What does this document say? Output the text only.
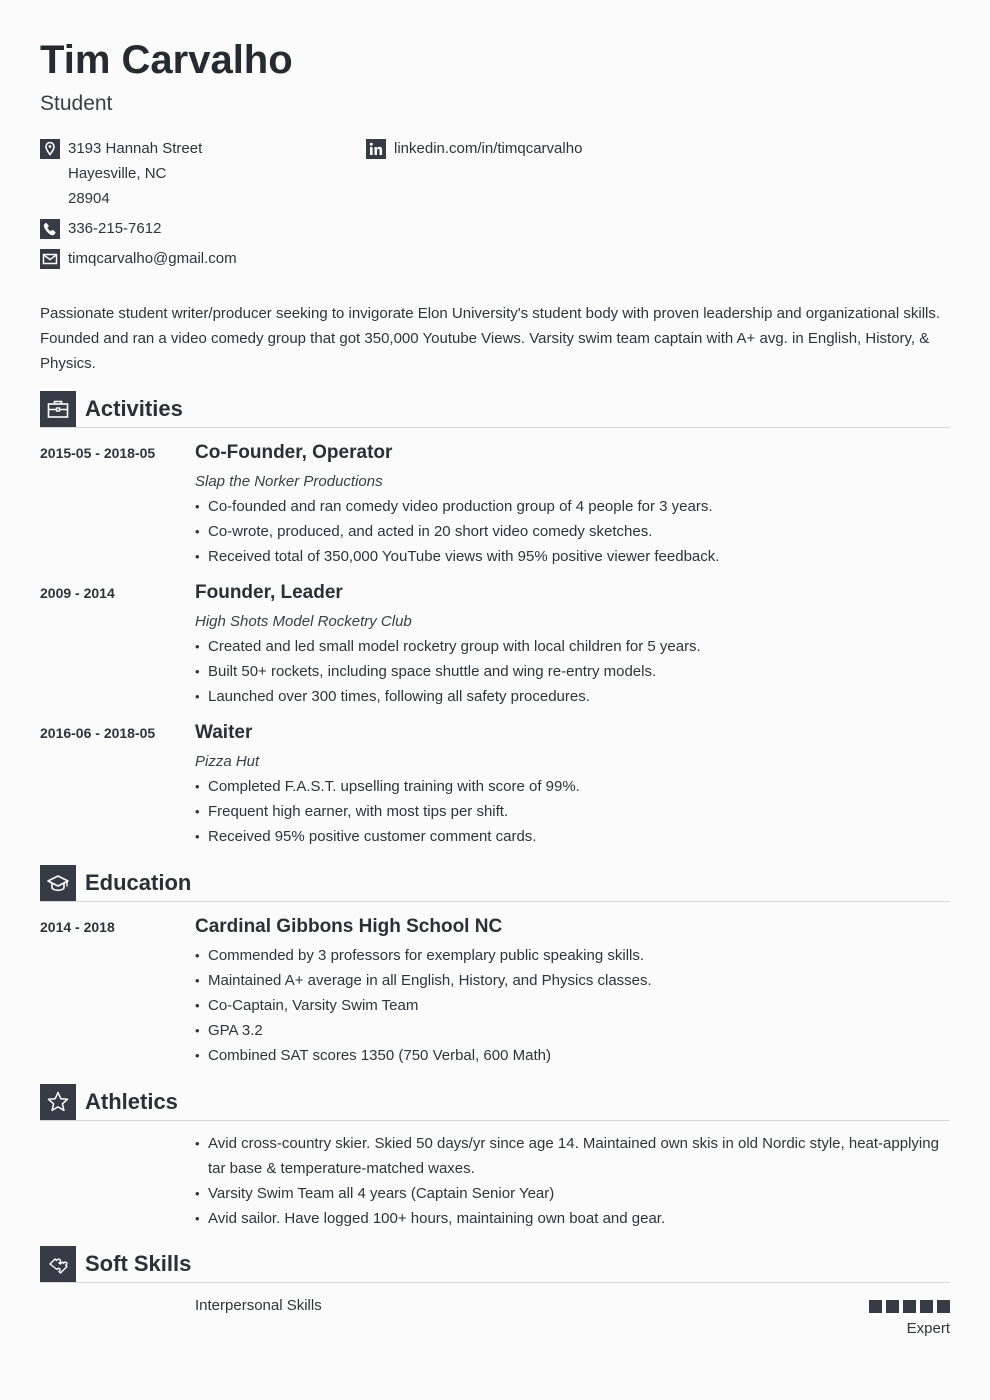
Tim Carvalho
Student
3193 Hannah Street
Hayesville, NC
28904
336-215-7612
timqcarvalho@gmail.com
linkedin.com/in/timqcarvalho
Passionate student writer/producer seeking to invigorate Elon University's student body with proven leadership and organizational skills. Founded and ran a video comedy group that got 350,000 Youtube Views. Varsity swim team captain with A+ avg. in English, History, & Physics.
Activities
2015-05 - 2018-05 Co-Founder, Operator
Slap the Norker Productions
• Co-founded and ran comedy video production group of 4 people for 3 years.
• Co-wrote, produced, and acted in 20 short video comedy sketches.
• Received total of 350,000 YouTube views with 95% positive viewer feedback.
2009 - 2014	Founder, Leader
High Shots Model Rocketry Club
• Created and led small model rocketry group with local children for 5 years.
• Built 50+ rockets, including space shuttle and wing re-entry models.
• Launched over 300 times, following all safety procedures.
2016-06 - 2018-05 Waiter
Pizza Hut
• Completed F.A.S.T. upselling training with score of 99%.
• Frequent high earner, with most tips per shift.
• Received 95% positive customer comment cards.
Education
2014 - 2018	Cardinal Gibbons High School NC
• Commended by 3 professors for exemplary public speaking skills.
• Maintained A+ average in all English, History, and Physics classes.
• Co-Captain, Varsity Swim Team
• GPA 3.2
• Combined SAT scores 1350 (750 Verbal, 600 Math)
Athletics
• Avid cross-country skier. Skied 50 days/yr since age 14. Maintained own skis in old Nordic style, heat-applying tar base & temperature-matched waxes.
• Varsity Swim Team all 4 years (Captain Senior Year)
• Avid sailor. Have logged 100+ hours, maintaining own boat and gear.
Soft Skills
Interpersonal Skills
Expert
